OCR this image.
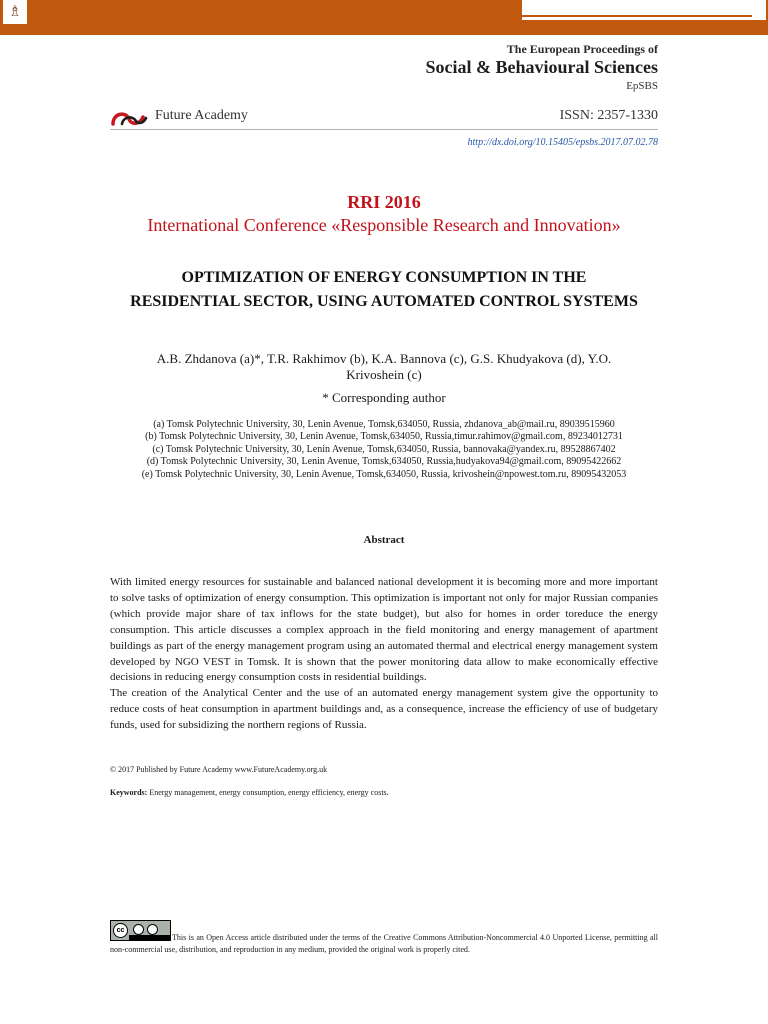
♗
The European Proceedings of
Social & Behavioural Sciences
EpSBS
Future Academy	ISSN: 2357-1330
http://dx.doi.org/10.15405/epsbs.2017.07.02.78
RRI 2016
International Conference «Responsible Research and Innovation»
OPTIMIZATION OF ENERGY CONSUMPTION IN THE RESIDENTIAL SECTOR, USING AUTOMATED CONTROL SYSTEMS
A.B. Zhdanova (a)*, T.R. Rakhimov (b), K.A. Bannova (c), G.S. Khudyakova (d), Y.O. Krivoshein (c)
* Corresponding author
(a) Tomsk Polytechnic University, 30, Lenin Avenue, Tomsk,634050, Russia, zhdanova_ab@mail.ru, 89039515960
(b) Tomsk Polytechnic University, 30, Lenin Avenue, Tomsk,634050, Russia,timur.rahimov@gmail.com, 89234012731
(c) Tomsk Polytechnic University, 30, Lenin Avenue, Tomsk,634050, Russia, bannovaka@yandex.ru, 89528867402
(d) Tomsk Polytechnic University, 30, Lenin Avenue, Tomsk,634050, Russia,hudyakova94@gmail.com, 89095422662
(e) Tomsk Polytechnic University, 30, Lenin Avenue, Tomsk,634050, Russia, krivoshein@npowest.tom.ru, 89095432053
Abstract

With limited energy resources for sustainable and balanced national development it is becoming more and more important to solve tasks of optimization of energy consumption. This optimization is important not only for major Russian companies (which provide major share of tax inflows for the state budget), but also for homes in order toreduce the energy consumption. This article discusses a complex approach in the field monitoring and energy management of apartment buildings as part of the energy management program using an automated thermal and electrical energy management system developed by NGO VEST in Tomsk. It is shown that the power monitoring data allow to make economically effective decisions in reducing energy consumption costs in residential buildings.

The creation of the Analytical Center and the use of an automated energy management system give the opportunity to reduce costs of heat consumption in apartment buildings and, as a consequence, increase the efficiency of use of budgetary funds, used for subsidizing the northern regions of Russia.

© 2017 Published by Future Academy www.FutureAcademy.org.uk
Keywords: Energy management, energy consumption, energy efficiency, energy costs.
cc
This is an Open Access article distributed under the terms of the Creative Commons Attribution-Noncommercial 4.0 Unported License, permitting all non-commercial use, distribution, and reproduction in any medium, provided the original work is properly cited.
